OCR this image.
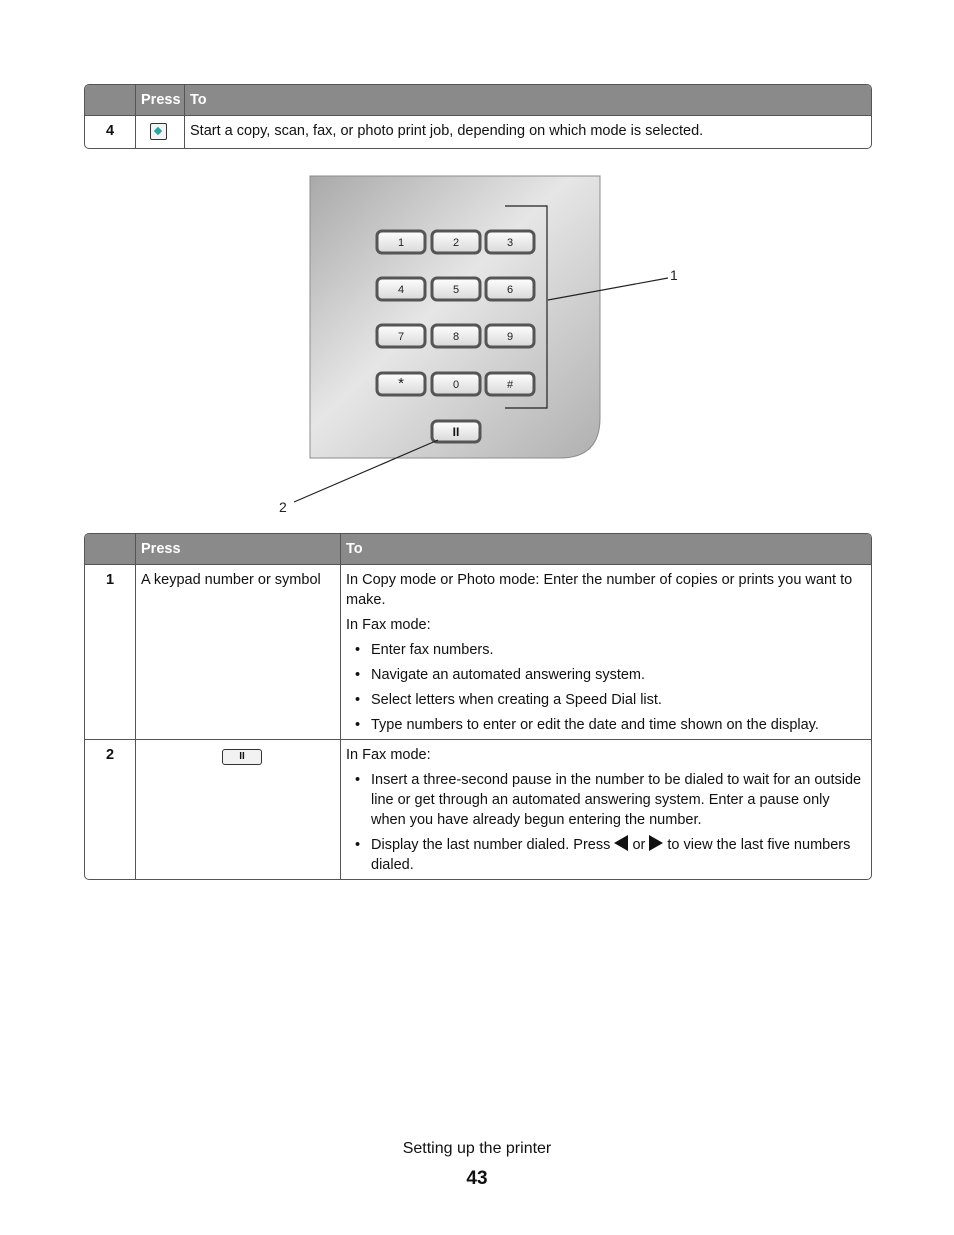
Press To
4	Start a copy, scan, fax, or photo print job, depending on which mode is selected.
1	2	3
4	5	6
7	8	9
*	0	#
II
1
2
Press	To
1	A keypad number or symbol	In Copy mode or Photo mode: Enter the number of copies or prints you want to make.

In Fax mode:

• Enter fax numbers.
• Navigate an automated answering system.
• Select letters when creating a Speed Dial list.
• Type numbers to enter or edit the date and time shown on the display.
2	II	In Fax mode:

• Insert a three-second pause in the number to be dialed to wait for an outside line or get through an automated answering system. Enter a pause only when you have already begun entering the number.
• Display the last number dialed. Press or to view the last five numbers dialed.
Setting up the printer
43
